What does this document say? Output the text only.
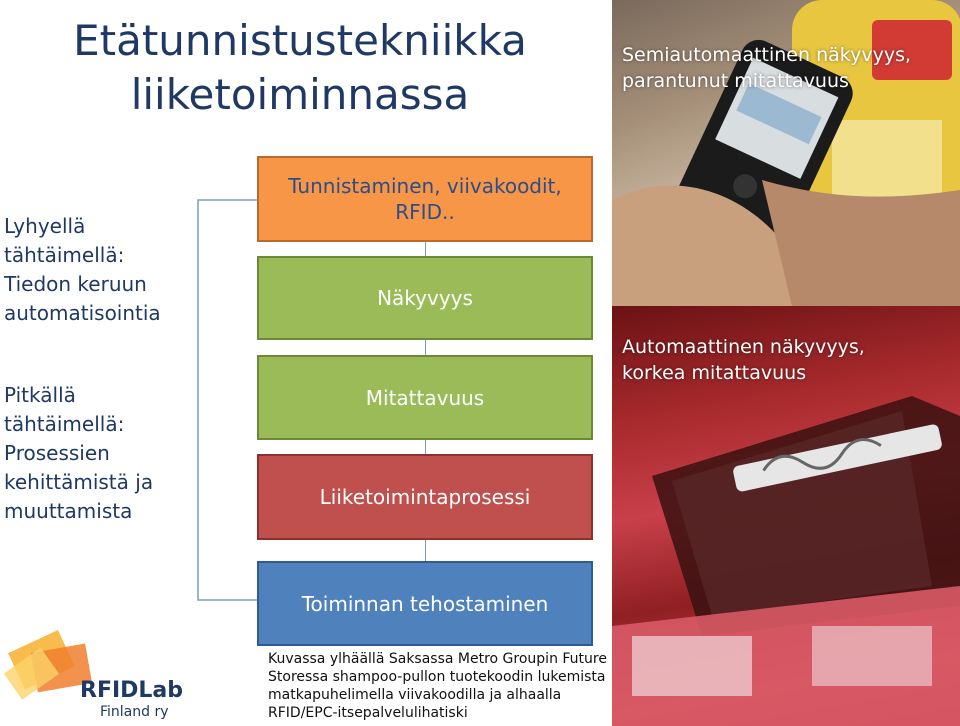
Etätunnistustekniikka
liiketoiminnassa
Lyhyellä
tähtäimellä:
Tiedon keruun
automatisointia
Pitkällä
tähtäimellä:
Prosessien
kehittämistä ja
muuttamista
Tunnistaminen, viivakoodit,
RFID..
Näkyvyys
Mitattavuus
Liiketoimintaprosessi
Toiminnan tehostaminen
Semiautomaattinen näkyvyys,
parantunut mitattavuus
Automaattinen näkyvyys,
korkea mitattavuus
Kuvassa ylhäällä Saksassa Metro Groupin Future
Storessa shampoo-pullon tuotekoodin lukemista
matkapuhelimella viivakoodilla ja alhaalla
RFID/EPC-itsepalvelulihatiski
RFIDLab
Finland ry
